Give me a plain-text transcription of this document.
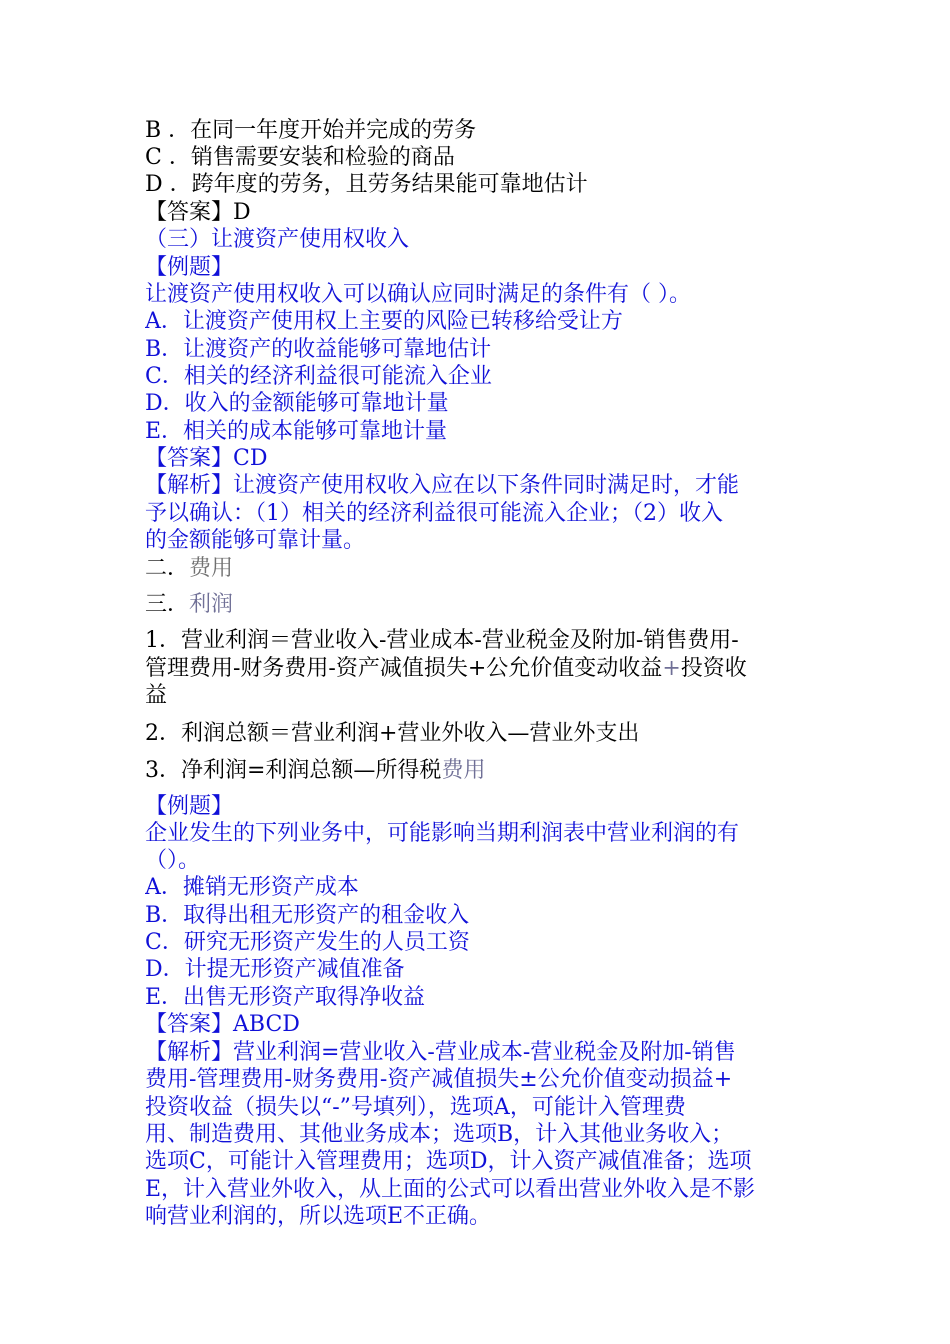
B ．在同一年度开始并完成的劳务
C ．销售需要安装和检验的商品
D ．跨年度的劳务，且劳务结果能可靠地估计
【答案】D
（三）让渡资产使用权收入
【例题】
让渡资产使用权收入可以确认应同时满足的条件有（ ）。
A．让渡资产使用权上主要的风险已转移给受让方
B．让渡资产的收益能够可靠地估计
C．相关的经济利益很可能流入企业
D．收入的金额能够可靠地计量
E．相关的成本能够可靠地计量
【答案】CD
【解析】让渡资产使用权收入应在以下条件同时满足时，才能
予以确认：（1）相关的经济利益很可能流入企业；（2）收入
的金额能够可靠计量。
二．费用
三．利润
1．营业利润＝营业收入-营业成本-营业税金及附加-销售费用-
管理费用-财务费用-资产减值损失+公允价值变动收益+投资收
益
2．利润总额＝营业利润+营业外收入—营业外支出
3．净利润=利润总额—所得税费用
【例题】
企业发生的下列业务中，可能影响当期利润表中营业利润的有
（）。
A．摊销无形资产成本
B．取得出租无形资产的租金收入
C．研究无形资产发生的人员工资
D．计提无形资产减值准备
E．出售无形资产取得净收益
【答案】ABCD
【解析】营业利润=营业收入-营业成本-营业税金及附加-销售
费用-管理费用-财务费用-资产减值损失±公允价值变动损益+
投资收益（损失以“-”号填列），选项A，可能计入管理费
用、制造费用、其他业务成本；选项B，计入其他业务收入；
选项C，可能计入管理费用；选项D，计入资产减值准备；选项
E，计入营业外收入，从上面的公式可以看出营业外收入是不影
响营业利润的，所以选项E不正确。
